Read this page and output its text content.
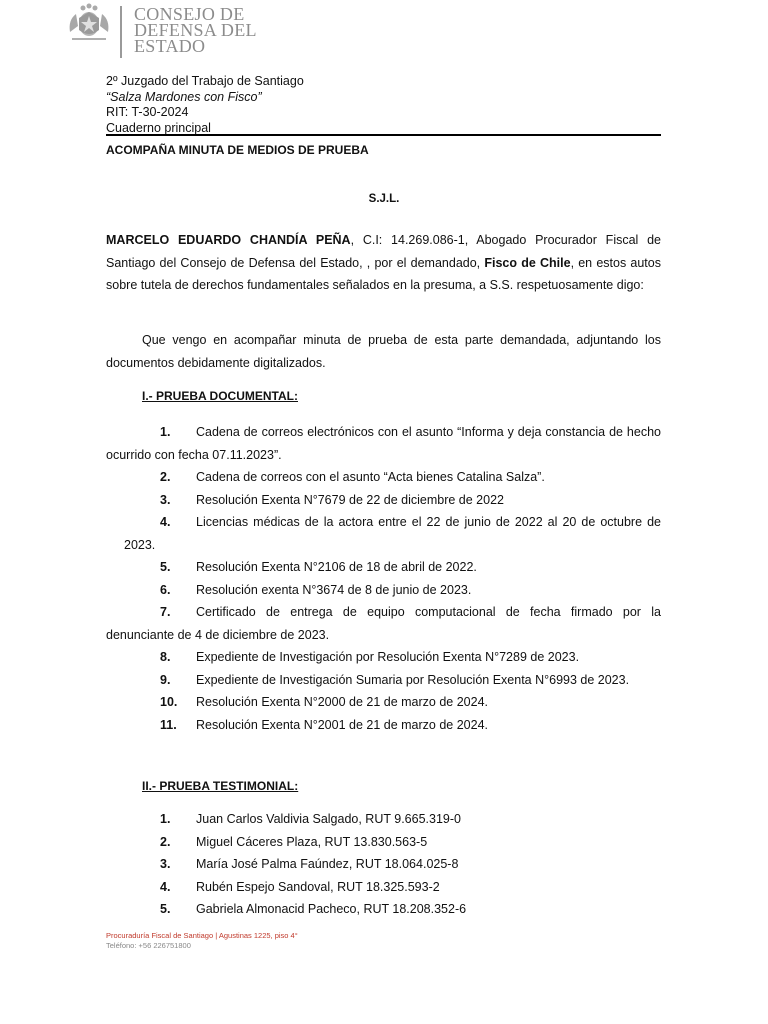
CONSEJO DE
DEFENSA DEL
ESTADO
2º Juzgado del Trabajo de Santiago
“Salza Mardones con Fisco”
RIT: T-30-2024
Cuaderno principal
ACOMPAÑA MINUTA DE MEDIOS DE PRUEBA
S.J.L.
MARCELO EDUARDO CHANDÍA PEÑA, C.I: 14.269.086-1, Abogado Procurador Fiscal de Santiago del Consejo de Defensa del Estado, , por el demandado, Fisco de Chile, en estos autos sobre tutela de derechos fundamentales señalados en la presuma, a S.S. respetuosamente digo:
Que vengo en acompañar minuta de prueba de esta parte demandada, adjuntando los documentos debidamente digitalizados.
I.- PRUEBA DOCUMENTAL:
1. Cadena de correos electrónicos con el asunto “Informa y deja constancia de hecho ocurrido con fecha 07.11.2023”.
2. Cadena de correos con el asunto “Acta bienes Catalina Salza”.
3. Resolución Exenta N°7679 de 22 de diciembre de 2022
4. Licencias médicas de la actora entre el 22 de junio de 2022 al 20 de octubre de 2023.
5. Resolución Exenta N°2106 de 18 de abril de 2022.
6. Resolución exenta N°3674 de 8 de junio de 2023.
7. Certificado de entrega de equipo computacional de fecha firmado por la denunciante de 4 de diciembre de 2023.
8. Expediente de Investigación por Resolución Exenta N°7289 de 2023.
9. Expediente de Investigación Sumaria por Resolución Exenta N°6993 de 2023.
10. Resolución Exenta N°2000 de 21 de marzo de 2024.
11. Resolución Exenta N°2001 de 21 de marzo de 2024.
II.- PRUEBA TESTIMONIAL:
1. Juan Carlos Valdivia Salgado, RUT 9.665.319-0
2. Miguel Cáceres Plaza, RUT 13.830.563-5
3. María José Palma Faúndez, RUT 18.064.025-8
4. Rubén Espejo Sandoval, RUT 18.325.593-2
5. Gabriela Almonacid Pacheco, RUT 18.208.352-6
Procuraduría Fiscal de Santiago | Agustinas 1225, piso 4°
Teléfono: +56 226751800
